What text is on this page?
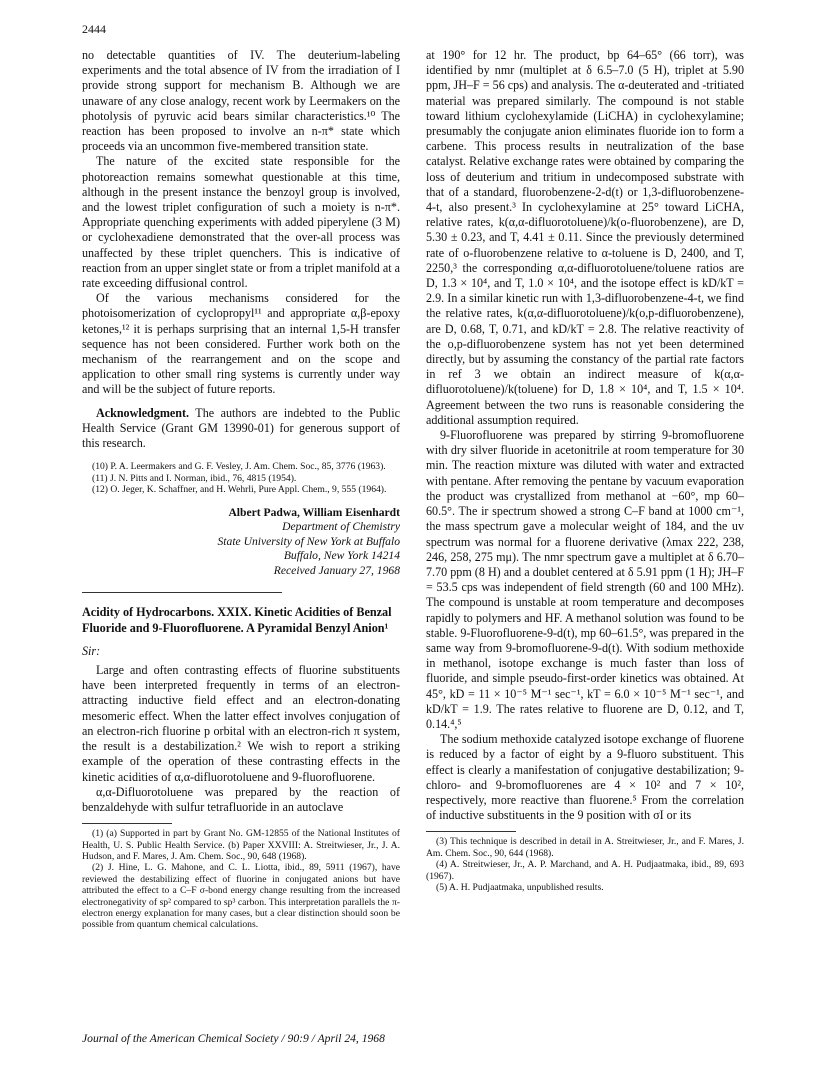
2444

no detectable quantities of IV. The deuterium-labeling experiments and the total absence of IV from the irradiation of I provide strong support for mechanism B. Although we are unaware of any close analogy, recent work by Leermakers on the photolysis of pyruvic acid bears similar characteristics.¹⁰ The reaction has been proposed to involve an n-π* state which proceeds via an uncommon five-membered transition state.

The nature of the excited state responsible for the photoreaction remains somewhat questionable at this time, although in the present instance the benzoyl group is involved, and the lowest triplet configuration of such a moiety is n-π*. Appropriate quenching experiments with added piperylene (3 M) or cyclohexadiene demonstrated that the over-all process was unaffected by these triplet quenchers. This is indicative of reaction from an upper singlet state or from a triplet manifold at a rate exceeding diffusional control.

Of the various mechanisms considered for the photoisomerization of cyclopropyl¹¹ and appropriate α,β-epoxy ketones,¹² it is perhaps surprising that an internal 1,5-H transfer sequence has not been considered. Further work both on the mechanism of the rearrangement and on the scope and application to other small ring systems is currently under way and will be the subject of future reports.

Acknowledgment. The authors are indebted to the Public Health Service (Grant GM 13990-01) for generous support of this research.

(10) P. A. Leermakers and G. F. Vesley, J. Am. Chem. Soc., 85, 3776 (1963).

(11) J. N. Pitts and I. Norman, ibid., 76, 4815 (1954).

(12) O. Jeger, K. Schaffner, and H. Wehrli, Pure Appl. Chem., 9, 555 (1964).

Albert Padwa, William Eisenhardt
Department of Chemistry
State University of New York at Buffalo
Buffalo, New York 14214
Received January 27, 1968

Acidity of Hydrocarbons. XXIX. Kinetic Acidities of Benzal Fluoride and 9-Fluorofluorene. A Pyramidal Benzyl Anion¹

Sir:

Large and often contrasting effects of fluorine substituents have been interpreted frequently in terms of an electron-attracting inductive field effect and an electron-donating mesomeric effect. When the latter effect involves conjugation of an electron-rich fluorine p orbital with an electron-rich π system, the result is a destabilization.² We wish to report a striking example of the operation of these contrasting effects in the kinetic acidities of α,α-difluorotoluene and 9-fluorofluorene.

α,α-Difluorotoluene was prepared by the reaction of benzaldehyde with sulfur tetrafluoride in an autoclave

(1) (a) Supported in part by Grant No. GM-12855 of the National Institutes of Health, U. S. Public Health Service. (b) Paper XXVIII: A. Streitwieser, Jr., J. A. Hudson, and F. Mares, J. Am. Chem. Soc., 90, 648 (1968).

(2) J. Hine, L. G. Mahone, and C. L. Liotta, ibid., 89, 5911 (1967), have reviewed the destabilizing effect of fluorine in conjugated anions but have attributed the effect to a C–F σ-bond energy change resulting from the increased electronegativity of sp² compared to sp³ carbon. This interpretation parallels the π-electron energy explanation for many cases, but a clear distinction should soon be possible from quantum chemical calculations.

at 190° for 12 hr. The product, bp 64–65° (66 torr), was identified by nmr (multiplet at δ 6.5–7.0 (5 H), triplet at 5.90 ppm, JH–F = 56 cps) and analysis. The α-deuterated and -tritiated material was prepared similarly. The compound is not stable toward lithium cyclohexylamide (LiCHA) in cyclohexylamine; presumably the conjugate anion eliminates fluoride ion to form a carbene. This process results in neutralization of the base catalyst. Relative exchange rates were obtained by comparing the loss of deuterium and tritium in undecomposed substrate with that of a standard, fluorobenzene-2-d(t) or 1,3-difluorobenzene-4-t, also present.³ In cyclohexylamine at 25° toward LiCHA, relative rates, k(α,α-difluorotoluene)/k(o-fluorobenzene), are D, 5.30 ± 0.23, and T, 4.41 ± 0.11. Since the previously determined rate of o-fluorobenzene relative to α-toluene is D, 2400, and T, 2250,³ the corresponding α,α-difluorotoluene/toluene ratios are D, 1.3 × 10⁴, and T, 1.0 × 10⁴, and the isotope effect is kD/kT = 2.9. In a similar kinetic run with 1,3-difluorobenzene-4-t, we find the relative rates, k(α,α-difluorotoluene)/k(o,p-difluorobenzene), are D, 0.68, T, 0.71, and kD/kT = 2.8. The relative reactivity of the o,p-difluorobenzene system has not yet been determined directly, but by assuming the constancy of the partial rate factors in ref 3 we obtain an indirect measure of k(α,α-difluorotoluene)/k(toluene) for D, 1.8 × 10⁴, and T, 1.5 × 10⁴. Agreement between the two runs is reasonable considering the additional assumption required.

9-Fluorofluorene was prepared by stirring 9-bromofluorene with dry silver fluoride in acetonitrile at room temperature for 30 min. The reaction mixture was diluted with water and extracted with pentane. After removing the pentane by vacuum evaporation the product was crystallized from methanol at −60°, mp 60–60.5°. The ir spectrum showed a strong C–F band at 1000 cm⁻¹, the mass spectrum gave a molecular weight of 184, and the uv spectrum was normal for a fluorene derivative (λmax 222, 238, 246, 258, 275 mμ). The nmr spectrum gave a multiplet at δ 6.70–7.70 ppm (8 H) and a doublet centered at δ 5.91 ppm (1 H); JH–F = 53.5 cps was independent of field strength (60 and 100 MHz). The compound is unstable at room temperature and decomposes rapidly to polymers and HF. A methanol solution was found to be stable. 9-Fluorofluorene-9-d(t), mp 60–61.5°, was prepared in the same way from 9-bromofluorene-9-d(t). With sodium methoxide in methanol, isotope exchange is much faster than loss of fluoride, and simple pseudo-first-order kinetics was obtained. At 45°, kD = 11 × 10⁻⁵ M⁻¹ sec⁻¹, kT = 6.0 × 10⁻⁵ M⁻¹ sec⁻¹, and kD/kT = 1.9. The rates relative to fluorene are D, 0.12, and T, 0.14.⁴,⁵

The sodium methoxide catalyzed isotope exchange of fluorene is reduced by a factor of eight by a 9-fluoro substituent. This effect is clearly a manifestation of conjugative destabilization; 9-chloro- and 9-bromofluorenes are 4 × 10² and 7 × 10², respectively, more reactive than fluorene.⁵ From the correlation of inductive substituents in the 9 position with σI or its

(3) This technique is described in detail in A. Streitwieser, Jr., and F. Mares, J. Am. Chem. Soc., 90, 644 (1968).

(4) A. Streitwieser, Jr., A. P. Marchand, and A. H. Pudjaatmaka, ibid., 89, 693 (1967).

(5) A. H. Pudjaatmaka, unpublished results.

Journal of the American Chemical Society / 90:9 / April 24, 1968
